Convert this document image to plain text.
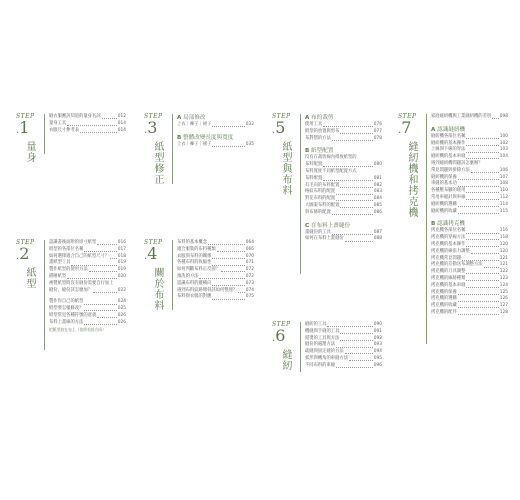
STEP
.1
量身
縫衣服應該知道的量身名詞	012
量身工具	014
衣服尺寸參考表	014
STEP
.2
紙型
認識書後面附的原寸紙型	016
紙型的各部位名稱	017
如何選擇適合自己的紙型尺寸？ 018
畫紙型工具	019
製作紙型的使用方法	019
描繪紙型	020
複製紙型時沒有縫份需要自行加上
縫份，縫份該怎麼加？	022
製作你自己的紙型	024
紙型要怎樣修改？	025
紙型常見各種符號的意義	026
布料上畫線的方法	026
把紙型放在布上（依照布紋方向）
STEP
.3
紙型修正
A 局部修改
上衣｜褲子｜裙子	032
B 整體改變長度與寬度
上衣｜褲子｜裙子	035
STEP
.4
關於布料
布料的基本概念	064
適合服裝的布料種類	066
衣服與布料的關係	070
各種布料的收縮性	071
如何判斷布料正反面？	072
預洗的方法	072
認識布料的縱橫向	073
遇到布料紋路彎斜該如何整理？ 074
布料與衣服的對應	075
STEP
.5
紙型與布料
A 布的裁剪
使用工具	076
紙型的放置與剪布	077
布對摺的方法	078
B 紙型配置
沒有在裁剪線內排放紙型的
布料配置	080
布料寬度不同紙型配置方式
布料配置	081
有毛向的布料配置	082
格紋布料的配置	083
對花布料的配置	084
大圖案布料的配置	085
斜布條的配置	086
C 在布料上畫縫份
畫縫份的工具	087
如何在布料上畫縫份	088
STEP
.6
縫紉
縫紉的工具	090
機縫與手縫的工具	091
熨燙的工具與方法	092
縫份的處理方法	093
疏縫與固定縫的方法	094
弧形與轉角的車縫方法	095
不同布料的車縫	096
STEP
.7
縫紉機和拷克機
家庭縫紉機與工業縫紉機的差別 098
A 認識縫紉機
縫紉機各部位名稱	100
縫紉機的基本操作	102
上線與下線的穿法	103
縫紉機的基本車縫	104
遇到縫紉機問題該怎麼辦？
常見問題與排除方法	106
縫紉機的保養	107
車縫的基本功	108
各種壓布腳的使用	110
常用車縫針與車線	112
縫紉機的選購	114
縫紉機的收藏	115
B 認識拷克機
拷克機各部位名稱	116
拷克機的穿線方法	118
拷克機的基本操作	120
拷克機的線張力調整	120
拷克機常見問題	121
拷克機的差動送布調整方法	121
拷克機的刀具調整	122
拷克機的線跡種類	123
拷克機的基本車縫	124
拷克機的保養	125
拷克機的選購	126
拷克機的收藏	127
拷克機的配件	128
